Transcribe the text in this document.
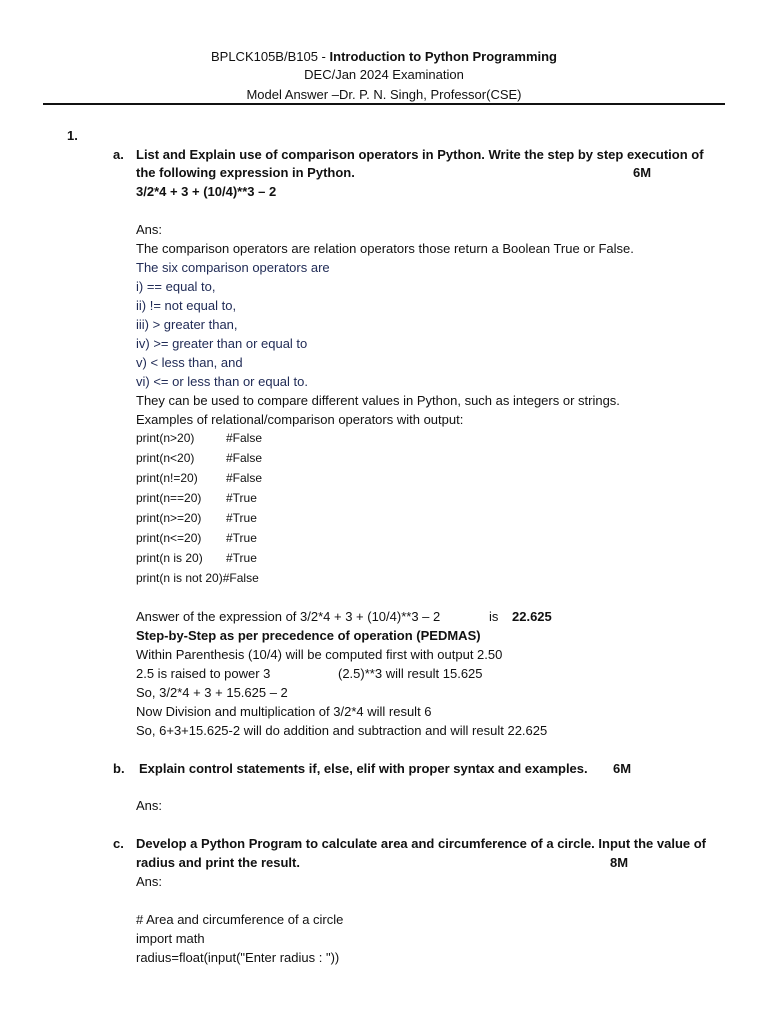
BPLCK105B/B105 - Introduction to Python Programming
DEC/Jan 2024 Examination
Model Answer –Dr. P. N. Singh, Professor(CSE)
1.
a. List and Explain use of comparison operators in Python. Write the step by step execution of
the following expression in Python.	6M
3/2*4 + 3 + (10/4)**3 – 2
Ans:
The comparison operators are relation operators those return a Boolean True or False.
The six comparison operators are
i) == equal to,
ii) != not equal to,
iii) > greater than,
iv) >= greater than or equal to
v) < less than, and
vi) <= or less than or equal to.
They can be used to compare different values in Python, such as integers or strings.
Examples of relational/comparison operators with output:
print(n>20)	#False
print(n<20)	#False
print(n!=20) #False
print(n==20) #True
print(n>=20) #True
print(n<=20) #True
print(n is 20) #True
print(n is not 20)#False
Answer of the expression of 3/2*4 + 3 + (10/4)**3 – 2	is 22.625
Step-by-Step as per precedence of operation (PEDMAS)
Within Parenthesis (10/4) will be computed first with output 2.50
2.5 is raised to power 3	(2.5)**3 will result 15.625
So, 3/2*4 + 3 + 15.625 – 2
Now Division and multiplication of 3/2*4 will result 6
So, 6+3+15.625-2 will do addition and subtraction and will result 22.625
b. Explain control statements if, else, elif with proper syntax and examples. 6M
Ans:
c. Develop a Python Program to calculate area and circumference of a circle. Input the value of
radius and print the result.	8M
Ans:
# Area and circumference of a circle
import math
radius=float(input("Enter radius : "))
